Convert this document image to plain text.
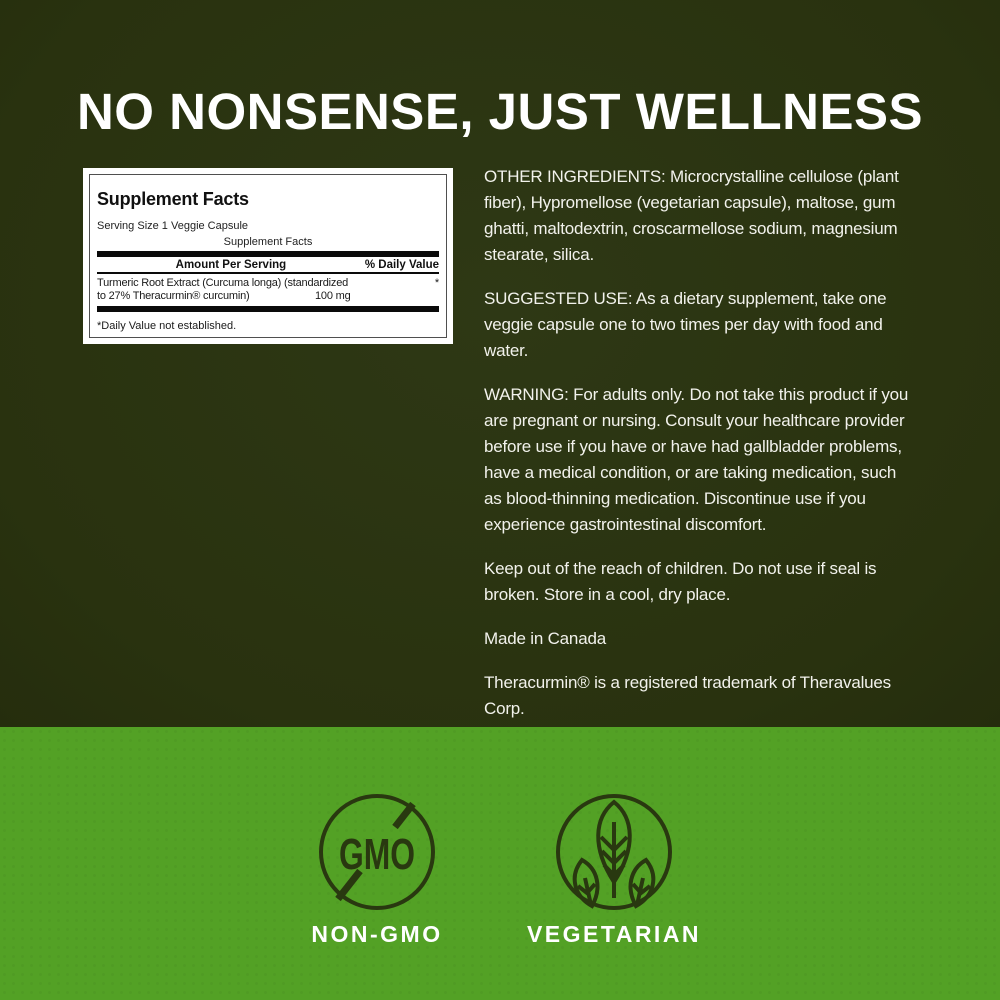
NO NONSENSE, JUST WELLNESS
Supplement Facts
Serving Size 1 Veggie Capsule
Supplement Facts
Amount Per Serving	% Daily Value
Turmeric Root Extract (Curcuma longa) (standardized	*
to 27% Theracurmin® curcumin)	100 mg
*Daily Value not established.

OTHER INGREDIENTS: Microcrystalline cellulose (plant fiber), Hypromellose (vegetarian capsule), maltose, gum ghatti, maltodextrin, croscarmellose sodium, magnesium stearate, silica.

SUGGESTED USE: As a dietary supplement, take one veggie capsule one to two times per day with food and water.

WARNING: For adults only. Do not take this product if you are pregnant or nursing. Consult your healthcare provider before use if you have or have had gallbladder problems, have a medical condition, or are taking medication, such as blood-thinning medication. Discontinue use if you experience gastrointestinal discomfort.

Keep out of the reach of children. Do not use if seal is broken. Store in a cool, dry place.

Made in Canada

Theracurmin® is a registered trademark of Theravalues Corp.

GMO
NON-GMO	VEGETARIAN
